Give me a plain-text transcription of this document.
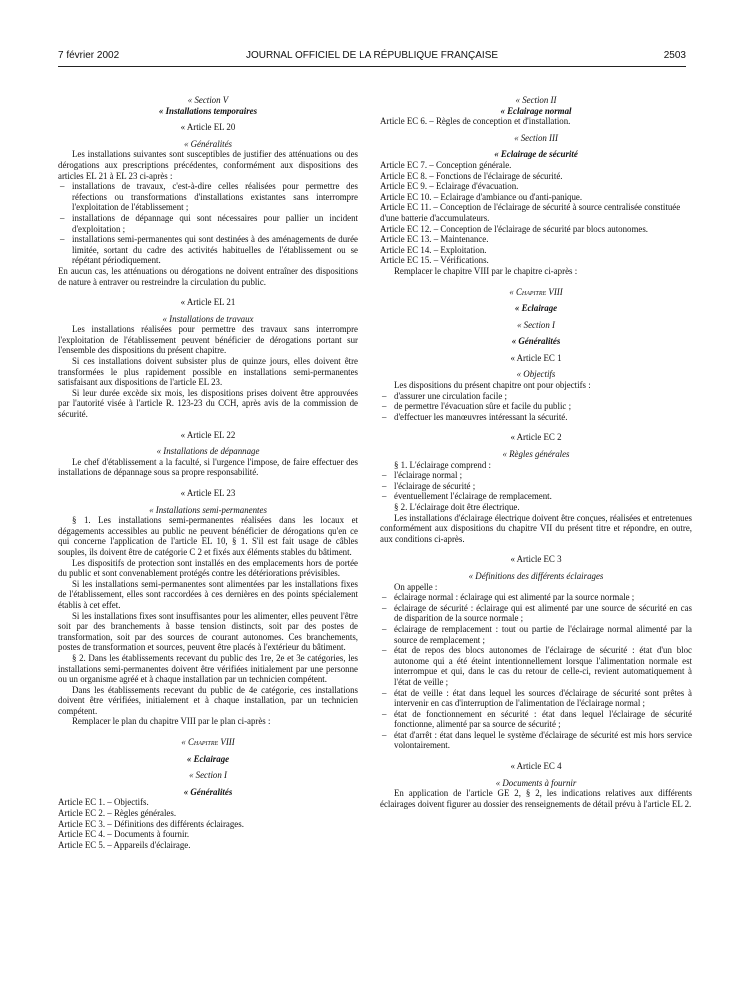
7 février 2002	JOURNAL OFFICIEL DE LA RÉPUBLIQUE FRANÇAISE	2503

« Section V

« Installations temporaires

« Article EL 20

« Généralités

Les installations suivantes sont susceptibles de justifier des atténuations ou des dérogations aux prescriptions précédentes, conformément aux dispositions des articles EL 21 à EL 23 ci-après :

– installations de travaux, c'est-à-dire celles réalisées pour permettre des réfections ou transformations d'installations existantes sans interrompre l'exploitation de l'établissement ;
– installations de dépannage qui sont nécessaires pour pallier un incident d'exploitation ;
– installations semi-permanentes qui sont destinées à des aménagements de durée limitée, sortant du cadre des activités habituelles de l'établissement ou se répétant périodiquement.

En aucun cas, les atténuations ou dérogations ne doivent entraîner des dispositions de nature à entraver ou restreindre la circulation du public.

« Article EL 21

« Installations de travaux

Les installations réalisées pour permettre des travaux sans interrompre l'exploitation de l'établissement peuvent bénéficier de dérogations portant sur l'ensemble des dispositions du présent chapitre.

Si ces installations doivent subsister plus de quinze jours, elles doivent être transformées le plus rapidement possible en installations semi-permanentes satisfaisant aux dispositions de l'article EL 23.

Si leur durée excède six mois, les dispositions prises doivent être approuvées par l'autorité visée à l'article R. 123-23 du CCH, après avis de la commission de sécurité.

« Article EL 22

« Installations de dépannage

Le chef d'établissement a la faculté, si l'urgence l'impose, de faire effectuer des installations de dépannage sous sa propre responsabilité.

« Article EL 23

« Installations semi-permanentes

§ 1. Les installations semi-permanentes réalisées dans les locaux et dégagements accessibles au public ne peuvent bénéficier de dérogations qu'en ce qui concerne l'application de l'article EL 10, § 1. S'il est fait usage de câbles souples, ils doivent être de catégorie C 2 et fixés aux éléments stables du bâtiment.

Les dispositifs de protection sont installés en des emplacements hors de portée du public et sont convenablement protégés contre les détériorations prévisibles.

Si les installations semi-permanentes sont alimentées par les installations fixes de l'établissement, elles sont raccordées à ces dernières en des points spécialement établis à cet effet.

Si les installations fixes sont insuffisantes pour les alimenter, elles peuvent l'être soit par des branchements à basse tension distincts, soit par des postes de transformation, soit par des sources de courant autonomes. Ces branchements, postes de transformation et sources, peuvent être placés à l'extérieur du bâtiment.

§ 2. Dans les établissements recevant du public des 1re, 2e et 3e catégories, les installations semi-permanentes doivent être vérifiées initialement par une personne ou un organisme agréé et à chaque installation par un technicien compétent.

Dans les établissements recevant du public de 4e catégorie, ces installations doivent être vérifiées, initialement et à chaque installation, par un technicien compétent.

Remplacer le plan du chapitre VIII par le plan ci-après :

« Chapitre VIII

« Eclairage

« Section I

« Généralités

Article EC 1. – Objectifs.
Article EC 2. – Règles générales.
Article EC 3. – Définitions des différents éclairages.
Article EC 4. – Documents à fournir.
Article EC 5. – Appareils d'éclairage.

« Section II

« Eclairage normal

Article EC 6. – Règles de conception et d'installation.

« Section III

« Eclairage de sécurité

Article EC 7. – Conception générale.
Article EC 8. – Fonctions de l'éclairage de sécurité.
Article EC 9. – Eclairage d'évacuation.
Article EC 10. – Eclairage d'ambiance ou d'anti-panique.
Article EC 11. – Conception de l'éclairage de sécurité à source centralisée constituée d'une batterie d'accumulateurs.
Article EC 12. – Conception de l'éclairage de sécurité par blocs autonomes.
Article EC 13. – Maintenance.
Article EC 14. – Exploitation.
Article EC 15. – Vérifications.

Remplacer le chapitre VIII par le chapitre ci-après :

« Chapitre VIII

« Eclairage

« Section I

« Généralités

« Article EC 1

« Objectifs

Les dispositions du présent chapitre ont pour objectifs :

– d'assurer une circulation facile ;
– de permettre l'évacuation sûre et facile du public ;
– d'effectuer les manœuvres intéressant la sécurité.

« Article EC 2

« Règles générales

§ 1. L'éclairage comprend :

– l'éclairage normal ;
– l'éclairage de sécurité ;
– éventuellement l'éclairage de remplacement.

§ 2. L'éclairage doit être électrique.

Les installations d'éclairage électrique doivent être conçues, réalisées et entretenues conformément aux dispositions du chapitre VII du présent titre et répondre, en outre, aux conditions ci-après.

« Article EC 3

« Définitions des différents éclairages

On appelle :

– éclairage normal : éclairage qui est alimenté par la source normale ;
– éclairage de sécurité : éclairage qui est alimenté par une source de sécurité en cas de disparition de la source normale ;
– éclairage de remplacement : tout ou partie de l'éclairage normal alimenté par la source de remplacement ;
– état de repos des blocs autonomes de l'éclairage de sécurité : état d'un bloc autonome qui a été éteint intentionnellement lorsque l'alimentation normale est interrompue et qui, dans le cas du retour de celle-ci, revient automatiquement à l'état de veille ;
– état de veille : état dans lequel les sources d'éclairage de sécurité sont prêtes à intervenir en cas d'interruption de l'alimentation de l'éclairage normal ;
– état de fonctionnement en sécurité : état dans lequel l'éclairage de sécurité fonctionne, alimenté par sa source de sécurité ;
– état d'arrêt : état dans lequel le système d'éclairage de sécurité est mis hors service volontairement.

« Article EC 4

« Documents à fournir

En application de l'article GE 2, § 2, les indications relatives aux différents éclairages doivent figurer au dossier des renseignements de détail prévu à l'article EL 2.
